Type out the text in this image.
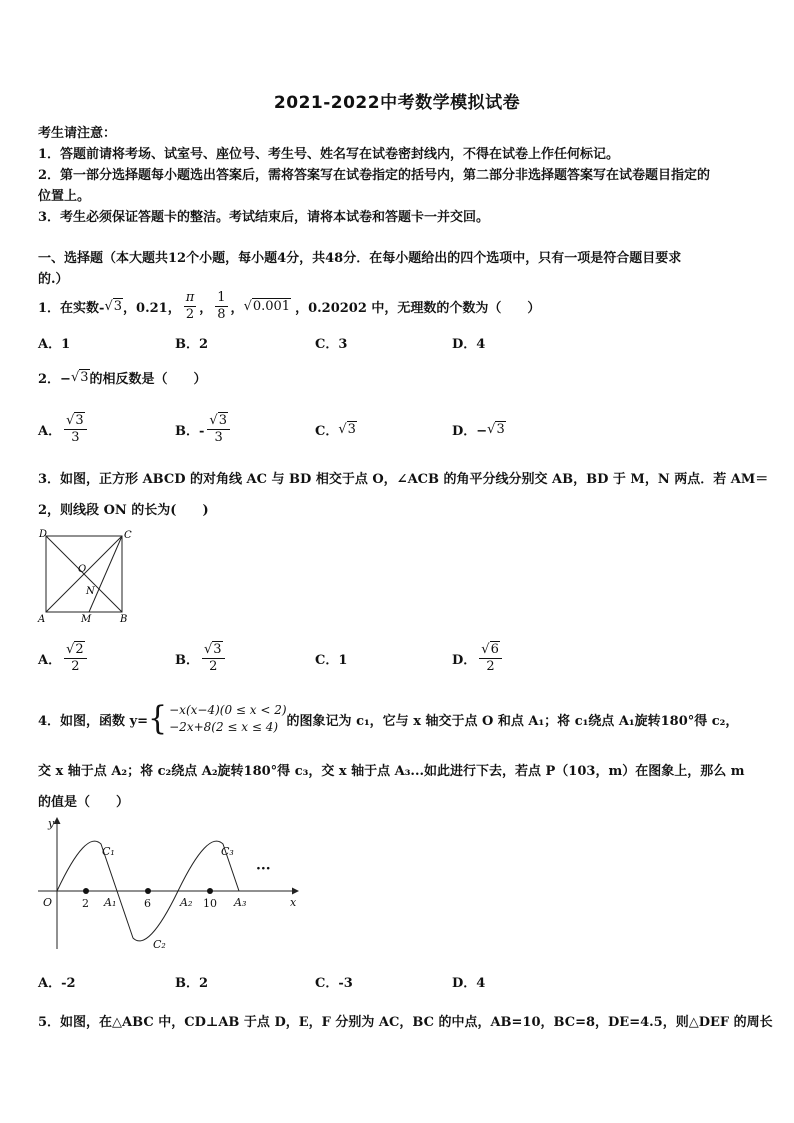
2021-2022中考数学模拟试卷
考生请注意：
1．答题前请将考场、试室号、座位号、考生号、姓名写在试卷密封线内，不得在试卷上作任何标记。
2．第一部分选择题每小题选出答案后，需将答案写在试卷指定的括号内，第二部分非选择题答案写在试卷题目指定的
位置上。
3．考生必须保证答题卡的整洁。考试结束后，请将本试卷和答题卡一并交回。
一、选择题（本大题共12个小题，每小题4分，共48分．在每小题给出的四个选项中，只有一项是符合题目要求
的.）
1．在实数- √3 ，0.21， $\frac{\pi}{2}$ ， $\frac{1}{8}$ ， √0.001 ，0.20202 中，无理数的个数为（　　）
A．1	B．2	C．3	D．4
2．− √3 的相反数是（　　）
A． $\frac{√3}{3}$	B．- $\frac{√3}{3}$	C． √3	D．− √3
3．如图，正方形 ABCD 的对角线 AC 与 BD 相交于点 O，∠ACB 的角平分线分别交 AB，BD 于 M，N 两点．若 AM＝
2，则线段 ON 的长为(　　)
D	C
O
N
A	M	B
A． $\frac{√2}{2}$	B． $\frac{√3}{2}$	C．1	D． $\frac{√6}{2}$
4．如图，函数 y= { −x(x−4)(0 ≤ x < 2)
−2x+8(2 ≤ x ≤ 4) 的图象记为 c₁，它与 x 轴交于点 O 和点 A₁；将 c₁绕点 A₁旋转180°得 c₂，
交 x 轴于点 A₂；将 c₂绕点 A₂旋转180°得 c₃，交 x 轴于点 A₃...如此进行下去，若点 P（103，m）在图象上，那么 m
的值是（　　）
y
x
O
C₁
C₂
C₃
A₁	A₂	A₃
2	6	10
···
A．-2	B．2	C．-3	D．4
5．如图，在△ABC 中，CD⊥AB 于点 D，E，F 分别为 AC，BC 的中点，AB=10，BC=8，DE=4.5，则△DEF 的周长
